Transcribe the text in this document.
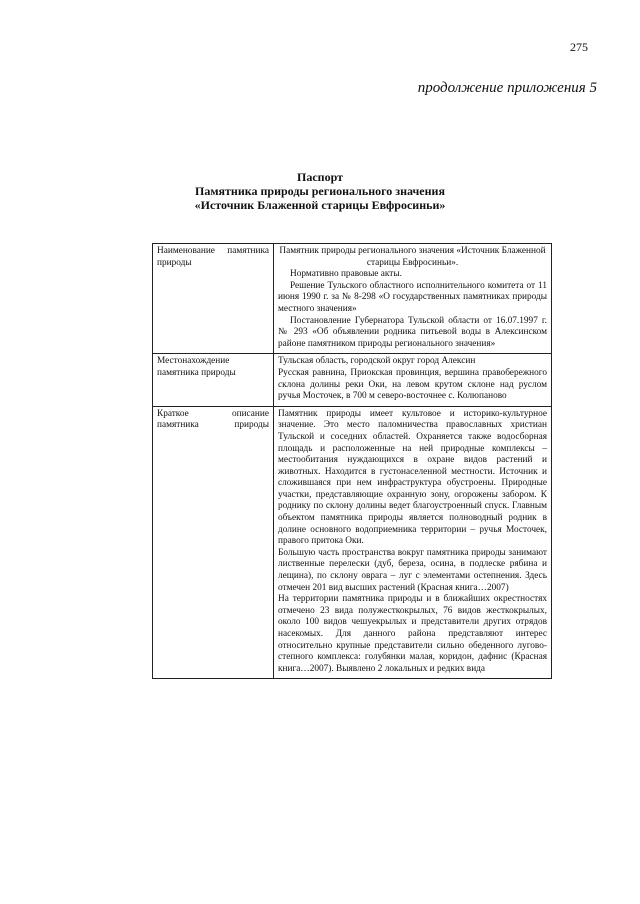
275
продолжение приложения 5
Паспорт
Памятника природы регионального значения
«Источник Блаженной старицы Евфросиньи»
Наименование памятника природы	Памятник природы регионального значения «Источник Блаженной старицы Евфросиньи».

Нормативно правовые акты.

Решение Тульского областного исполнительного комитета от 11 июня 1990 г. за № 8-298 «О государственных памятниках природы местного значения»

Постановление Губернатора Тульской области от 16.07.1997 г. № 293 «Об объявлении родника питьевой воды в Алексинском районе памятником природы регионального значения»

Местонахождение памятника природы	Тульская область, городской округ город Алексин

Русская равнина, Приокская провинция, вершина правобережного склона долины реки Оки, на левом крутом склоне над руслом ручья Мосточек, в 700 м северо-восточнее с. Колюпаново

Краткое описание памятника природы	Памятник природы имеет культовое и историко-культурное значение. Это место паломничества православных христиан Тульской и соседних областей. Охраняется также водосборная площадь и расположенные на ней природные комплексы – местообитания нуждающихся в охране видов растений и животных. Находится в густонаселенной местности. Источник и сложившаяся при нем инфраструктура обустроены. Природные участки, представляющие охранную зону, огорожены забором. К роднику по склону долины ведет благоустроенный спуск. Главным объектом памятника природы является полноводный родник в долине основного водоприемника территории – ручья Мосточек, правого притока Оки.

Большую часть пространства вокруг памятника природы занимают лиственные перелески (дуб, береза, осина, в подлеске рябина и лещина), по склону оврага – луг с элементами остепнения. Здесь отмечен 201 вид высших растений (Красная книга…2007)

На территории памятника природы и в ближайших окрестностях отмечено 23 вида полужесткокрылых, 76 видов жесткокрылых, около 100 видов чешуекрылых и представители других отрядов насекомых. Для данного района представляют интерес относительно крупные представители сильно обеденного лугово-степного комплекса: голубянки малая, коридон, дафнис (Красная книга…2007). Выявлено 2 локальных и редких вида
